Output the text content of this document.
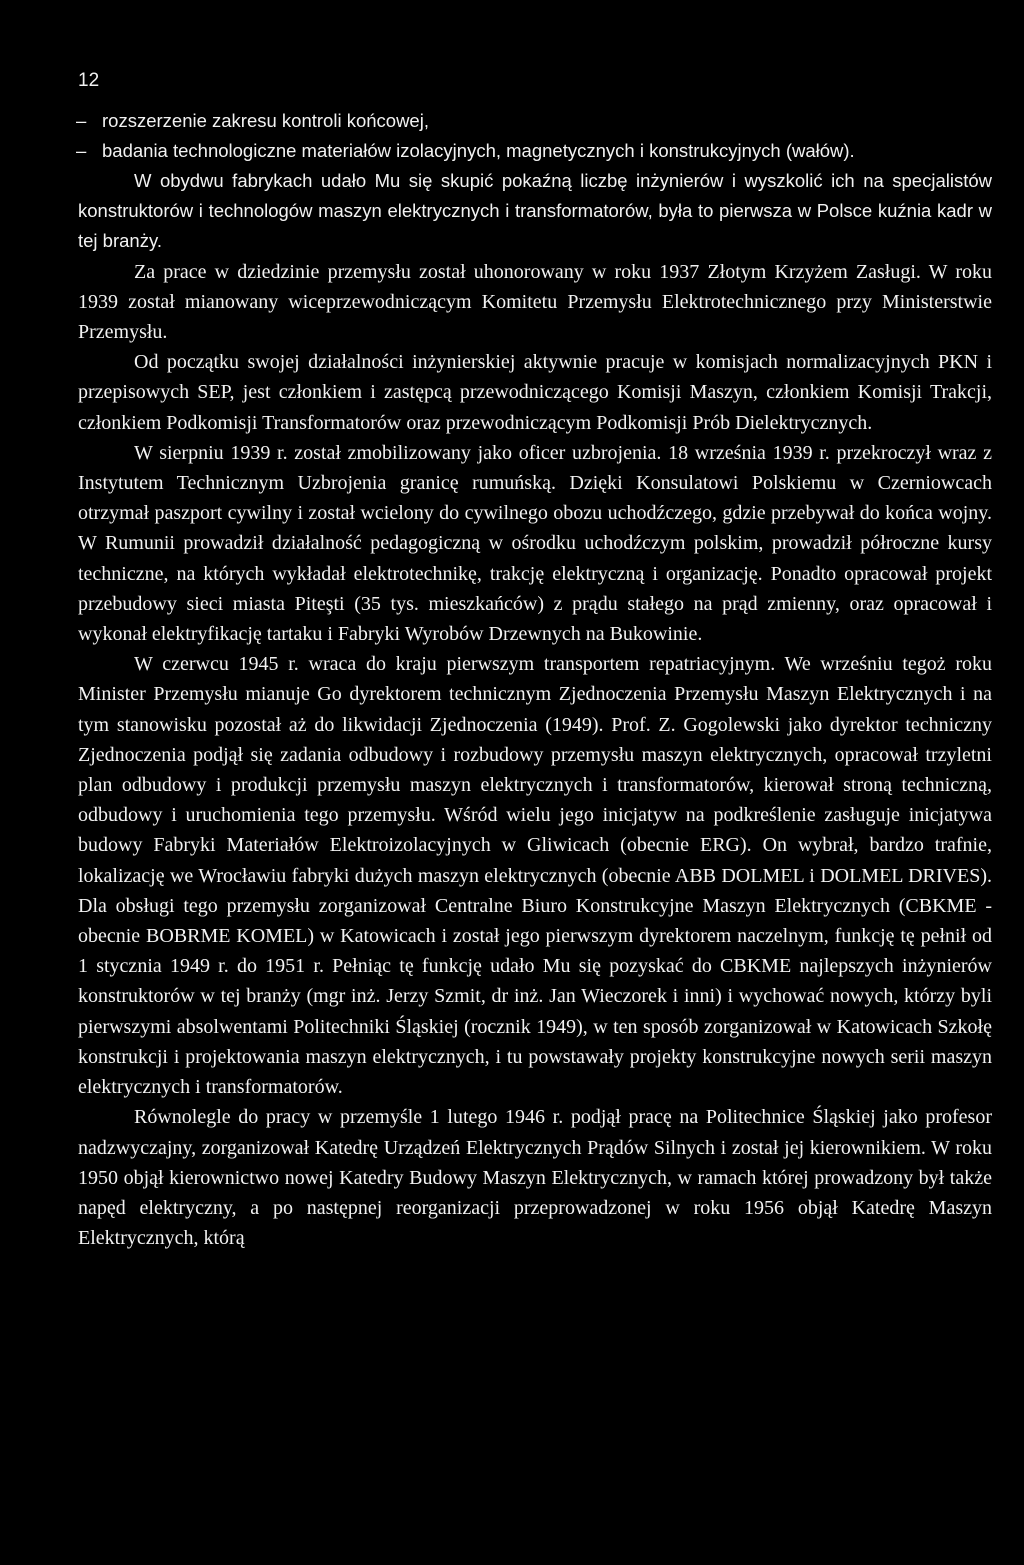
12
– rozszerzenie zakresu kontroli końcowej,
– badania technologiczne materiałów izolacyjnych, magnetycznych i konstrukcyjnych (wałów).

W obydwu fabrykach udało Mu się skupić pokaźną liczbę inżynierów i wyszkolić ich na specjalistów konstruktorów i technologów maszyn elektrycznych i transformatorów, była to pierwsza w Polsce kuźnia kadr w tej branży.

Za prace w dziedzinie przemysłu został uhonorowany w roku 1937 Złotym Krzyżem Zasługi. W roku 1939 został mianowany wiceprzewodniczącym Komitetu Przemysłu Elektrotechnicznego przy Ministerstwie Przemysłu.

Od początku swojej działalności inżynierskiej aktywnie pracuje w komisjach normalizacyjnych PKN i przepisowych SEP, jest członkiem i zastępcą przewodniczącego Komisji Maszyn, członkiem Komisji Trakcji, członkiem Podkomisji Transformatorów oraz przewodniczącym Podkomisji Prób Dielektrycznych.

W sierpniu 1939 r. został zmobilizowany jako oficer uzbrojenia. 18 września 1939 r. przekroczył wraz z Instytutem Technicznym Uzbrojenia granicę rumuńską. Dzięki Konsulatowi Polskiemu w Czerniowcach otrzymał paszport cywilny i został wcielony do cywilnego obozu uchodźczego, gdzie przebywał do końca wojny. W Rumunii prowadził działalność pedagogiczną w ośrodku uchodźczym polskim, prowadził półroczne kursy techniczne, na których wykładał elektrotechnikę, trakcję elektryczną i organizację. Ponadto opracował projekt przebudowy sieci miasta Piteşti (35 tys. mieszkańców) z prądu stałego na prąd zmienny, oraz opracował i wykonał elektryfikację tartaku i Fabryki Wyrobów Drzewnych na Bukowinie.

W czerwcu 1945 r. wraca do kraju pierwszym transportem repatriacyjnym. We wrześniu tegoż roku Minister Przemysłu mianuje Go dyrektorem technicznym Zjednoczenia Przemysłu Maszyn Elektrycznych i na tym stanowisku pozostał aż do likwidacji Zjednoczenia (1949). Prof. Z. Gogolewski jako dyrektor techniczny Zjednoczenia podjął się zadania odbudowy i rozbudowy przemysłu maszyn elektrycznych, opracował trzyletni plan odbudowy i produkcji przemysłu maszyn elektrycznych i transformatorów, kierował stroną techniczną, odbudowy i uruchomienia tego przemysłu. Wśród wielu jego inicjatyw na podkreślenie zasługuje inicjatywa budowy Fabryki Materiałów Elektroizolacyjnych w Gliwicach (obecnie ERG). On wybrał, bardzo trafnie, lokalizację we Wrocławiu fabryki dużych maszyn elektrycznych (obecnie ABB DOLMEL i DOLMEL DRIVES). Dla obsługi tego przemysłu zorganizował Centralne Biuro Konstrukcyjne Maszyn Elektrycznych (CBKME - obecnie BOBRME KOMEL) w Katowicach i został jego pierwszym dyrektorem naczelnym, funkcję tę pełnił od 1 stycznia 1949 r. do 1951 r. Pełniąc tę funkcję udało Mu się pozyskać do CBKME najlepszych inżynierów konstruktorów w tej branży (mgr inż. Jerzy Szmit, dr inż. Jan Wieczorek i inni) i wychować nowych, którzy byli pierwszymi absolwentami Politechniki Śląskiej (rocznik 1949), w ten sposób zorganizował w Katowicach Szkołę konstrukcji i projektowania maszyn elektrycznych, i tu powstawały projekty konstrukcyjne nowych serii maszyn elektrycznych i transformatorów.

Równolegle do pracy w przemyśle 1 lutego 1946 r. podjął pracę na Politechnice Śląskiej jako profesor nadzwyczajny, zorganizował Katedrę Urządzeń Elektrycznych Prądów Silnych i został jej kierownikiem. W roku 1950 objął kierownictwo nowej Katedry Budowy Maszyn Elektrycznych, w ramach której prowadzony był także napęd elektryczny, a po następnej reorganizacji przeprowadzonej w roku 1956 objął Katedrę Maszyn Elektrycznych, którą
